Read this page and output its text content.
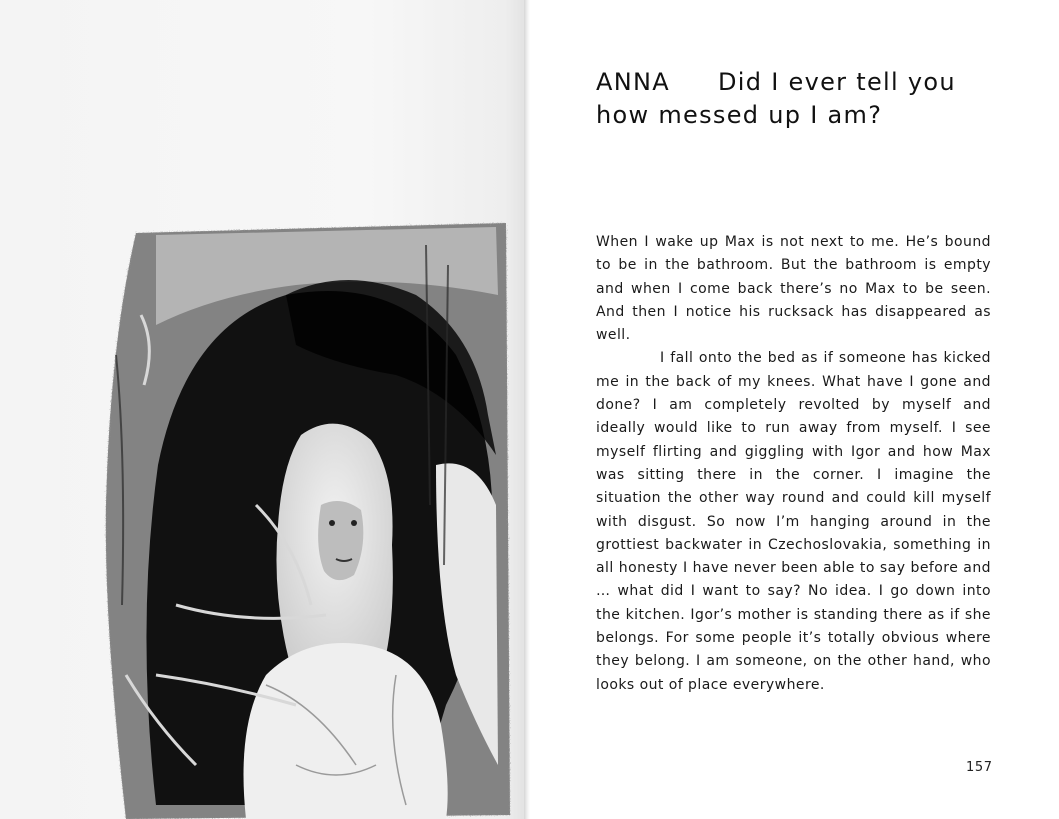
ANNA Did I ever tell you
how messed up I am?

When I wake up Max is not next to me. He’s bound to be in the bathroom. But the bathroom is empty and when I come back there’s no Max to be seen. And then I notice his rucksack has disappeared as well.

I fall onto the bed as if someone has kicked me in the back of my knees. What have I gone and done? I am completely revolted by myself and ideally would like to run away from myself. I see myself flirting and giggling with Igor and how Max was sitting there in the corner. I imagine the situation the other way round and could kill myself with disgust. So now I’m hanging around in the grottiest backwater in Czechoslovakia, something in all honesty I have never been able to say before and … what did I want to say? No idea. I go down into the kitchen. Igor’s mother is standing there as if she belongs. For some people it’s totally obvious where they belong. I am someone, on the other hand, who looks out of place everywhere.

157
